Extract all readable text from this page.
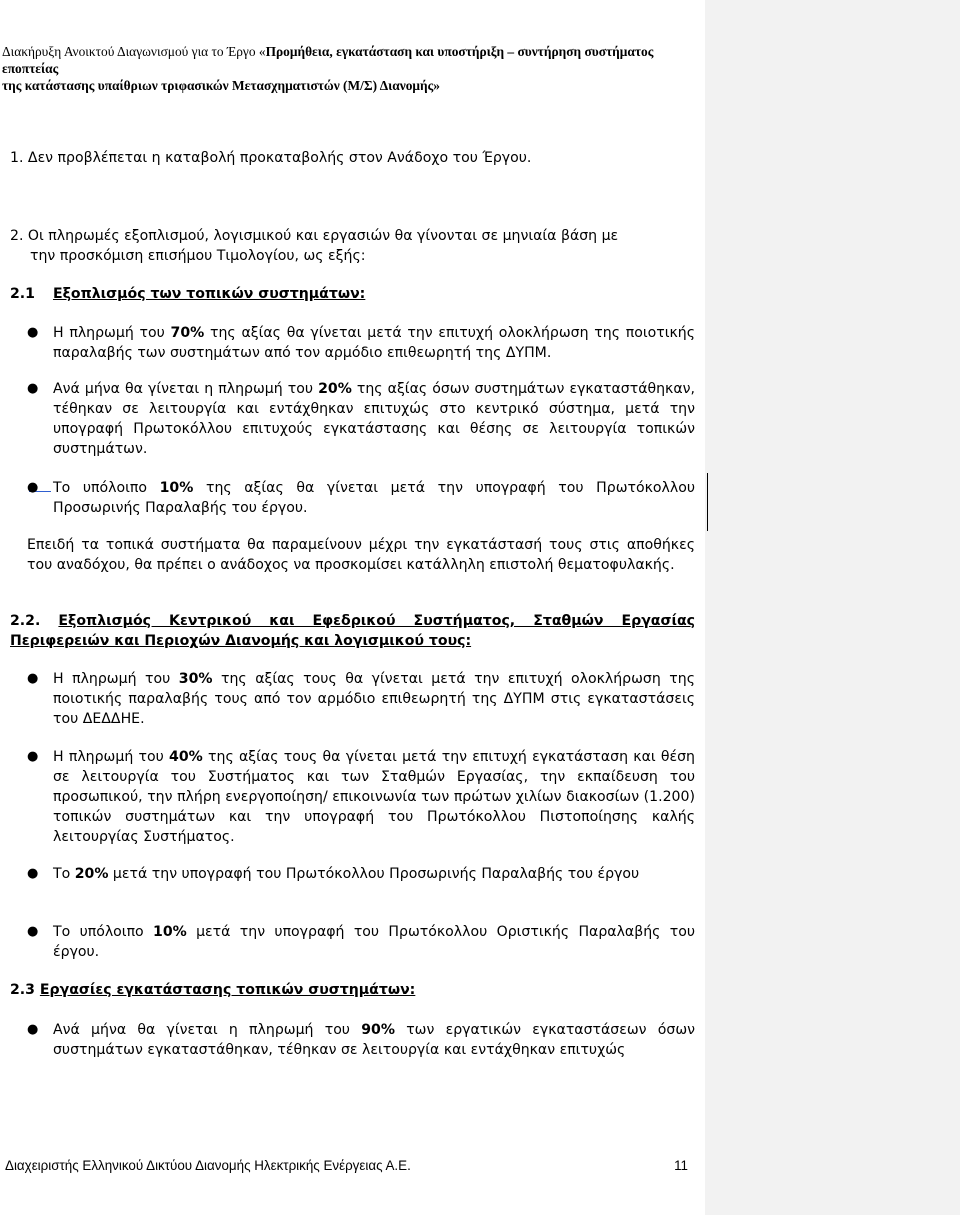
Διακήρυξη Ανοικτού Διαγωνισμού για το Έργο «Προμήθεια, εγκατάσταση και υποστήριξη – συντήρηση συστήματος εποπτείας
της κατάστασης υπαίθριων τριφασικών Μετασχηματιστών (Μ/Σ) Διανομής»
1. Δεν προβλέπεται η καταβολή προκαταβολής στον Ανάδοχο του Έργου.
2. Οι πληρωμές εξοπλισμού, λογισμικού και εργασιών θα γίνονται σε μηνιαία βάση με
την προσκόμιση επισήμου Τιμολογίου, ως εξής:
2.1 Εξοπλισμός των τοπικών συστημάτων:
● Η πληρωμή του 70% της αξίας θα γίνεται μετά την επιτυχή ολοκλήρωση της ποιοτικής παραλαβής των συστημάτων από τον αρμόδιο επιθεωρητή της ΔΥΠΜ.
● Ανά μήνα θα γίνεται η πληρωμή του 20% της αξίας όσων συστημάτων εγκαταστάθηκαν, τέθηκαν σε λειτουργία και εντάχθηκαν επιτυχώς στο κεντρικό σύστημα, μετά την υπογραφή Πρωτοκόλλου επιτυχούς εγκατάστασης και θέσης σε λειτουργία τοπικών συστημάτων.
● Το υπόλοιπο 10% της αξίας θα γίνεται μετά την υπογραφή του Πρωτόκολλου Προσωρινής Παραλαβής του έργου.
Επειδή τα τοπικά συστήματα θα παραμείνουν μέχρι την εγκατάστασή τους στις αποθήκες του αναδόχου, θα πρέπει ο ανάδοχος να προσκομίσει κατάλληλη επιστολή θεματοφυλακής.
2.2. Εξοπλισμός Κεντρικού και Εφεδρικού Συστήματος, Σταθμών Εργασίας Περιφερειών και Περιοχών Διανομής και λογισμικού τους:
● Η πληρωμή του 30% της αξίας τους θα γίνεται μετά την επιτυχή ολοκλήρωση της ποιοτικής παραλαβής τους από τον αρμόδιο επιθεωρητή της ΔΥΠΜ στις εγκαταστάσεις του ΔΕΔΔΗΕ.
● Η πληρωμή του 40% της αξίας τους θα γίνεται μετά την επιτυχή εγκατάσταση και θέση σε λειτουργία του Συστήματος και των Σταθμών Εργασίας, την εκπαίδευση του προσωπικού, την πλήρη ενεργοποίηση/ επικοινωνία των πρώτων χιλίων διακοσίων (1.200) τοπικών συστημάτων και την υπογραφή του Πρωτόκολλου Πιστοποίησης καλής λειτουργίας Συστήματος.
● Το 20% μετά την υπογραφή του Πρωτόκολλου Προσωρινής Παραλαβής του έργου
● Το υπόλοιπο 10% μετά την υπογραφή του Πρωτόκολλου Οριστικής Παραλαβής του έργου.
2.3 Εργασίες εγκατάστασης τοπικών συστημάτων:
● Ανά μήνα θα γίνεται η πληρωμή του 90% των εργατικών εγκαταστάσεων όσων συστημάτων εγκαταστάθηκαν, τέθηκαν σε λειτουργία και εντάχθηκαν επιτυχώς
Διαχειριστής Ελληνικού Δικτύου Διανομής Ηλεκτρικής Ενέργειας Α.Ε.	11
